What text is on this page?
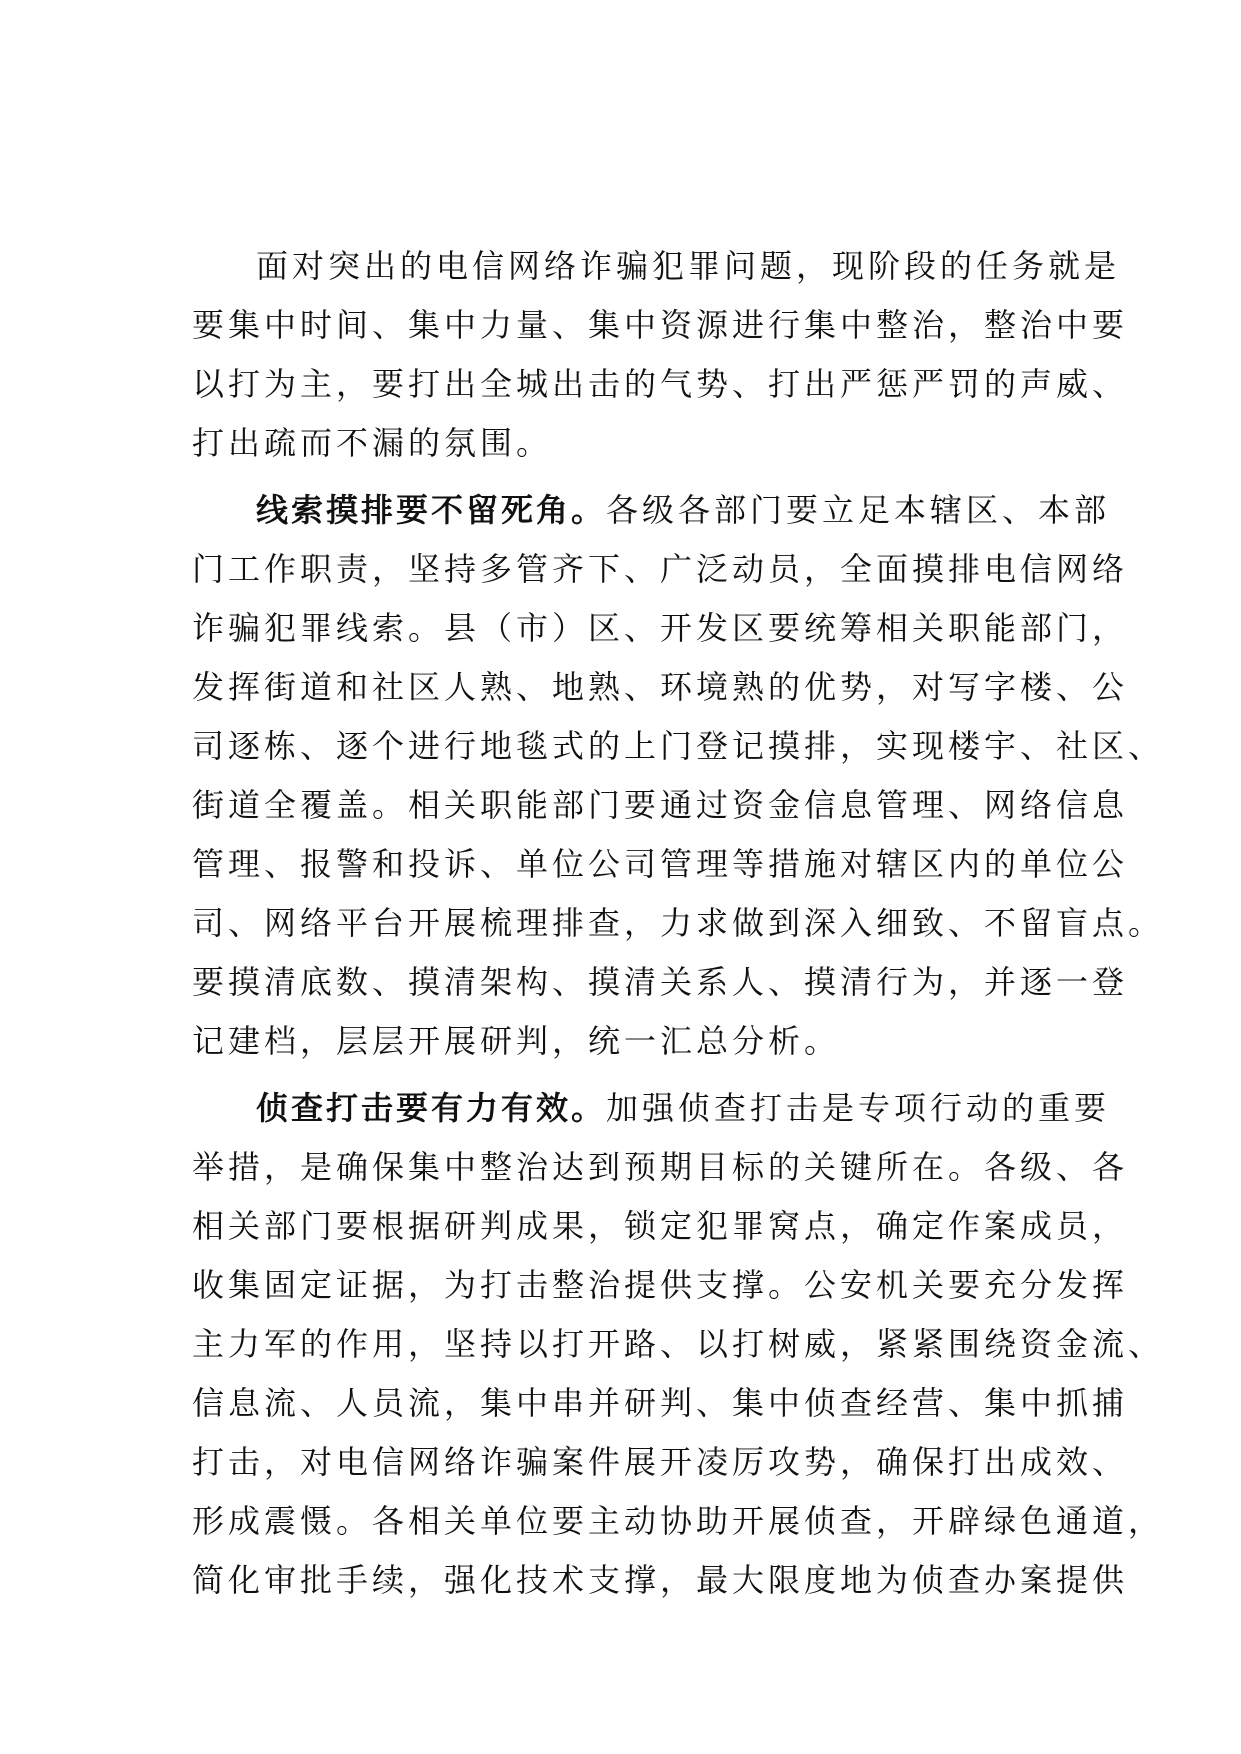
面对突出的电信网络诈骗犯罪问题，现阶段的任务就是
要集中时间、集中力量、集中资源进行集中整治，整治中要
以打为主，要打出全城出击的气势、打出严惩严罚的声威、
打出疏而不漏的氛围。
线索摸排要不留死角。各级各部门要立足本辖区、本部
门工作职责，坚持多管齐下、广泛动员，全面摸排电信网络
诈骗犯罪线索。县（市）区、开发区要统筹相关职能部门，
发挥街道和社区人熟、地熟、环境熟的优势，对写字楼、公
司逐栋、逐个进行地毯式的上门登记摸排，实现楼宇、社区、
街道全覆盖。相关职能部门要通过资金信息管理、网络信息
管理、报警和投诉、单位公司管理等措施对辖区内的单位公
司、网络平台开展梳理排查，力求做到深入细致、不留盲点。
要摸清底数、摸清架构、摸清关系人、摸清行为，并逐一登
记建档，层层开展研判，统一汇总分析。
侦查打击要有力有效。加强侦查打击是专项行动的重要
举措，是确保集中整治达到预期目标的关键所在。各级、各
相关部门要根据研判成果，锁定犯罪窝点，确定作案成员，
收集固定证据，为打击整治提供支撑。公安机关要充分发挥
主力军的作用，坚持以打开路、以打树威，紧紧围绕资金流、
信息流、人员流，集中串并研判、集中侦查经营、集中抓捕
打击，对电信网络诈骗案件展开凌厉攻势，确保打出成效、
形成震慑。各相关单位要主动协助开展侦查，开辟绿色通道，
简化审批手续，强化技术支撑，最大限度地为侦查办案提供
